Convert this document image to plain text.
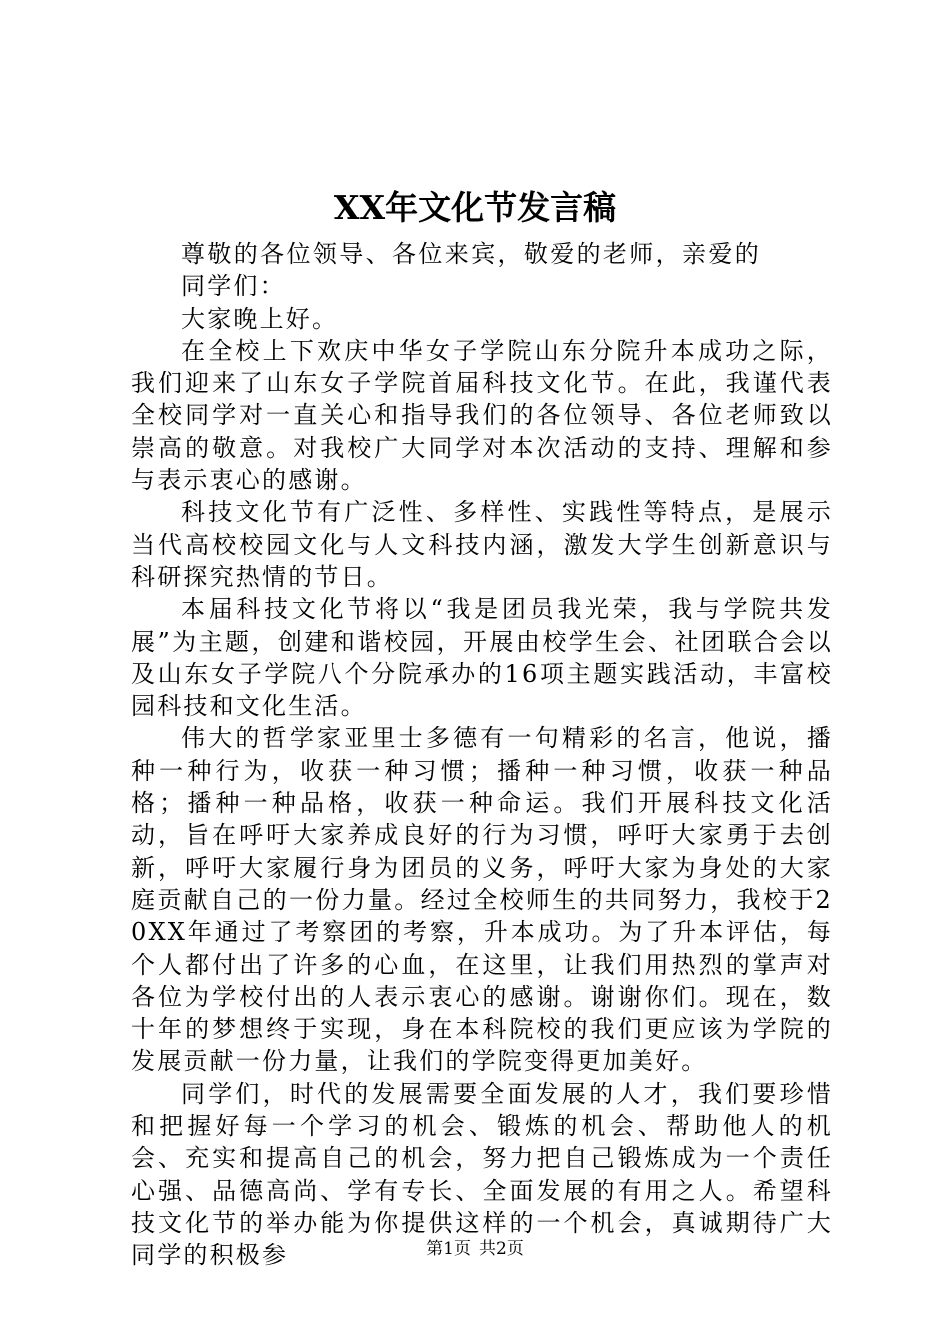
XX年文化节发言稿

尊敬的各位领导、各位来宾，敬爱的老师，亲爱的同学们：

大家晚上好。

在全校上下欢庆中华女子学院山东分院升本成功之际，我们迎来了山东女子学院首届科技文化节。在此，我谨代表全校同学对一直关心和指导我们的各位领导、各位老师致以崇高的敬意。对我校广大同学对本次活动的支持、理解和参与表示衷心的感谢。

科技文化节有广泛性、多样性、实践性等特点，是展示当代高校校园文化与人文科技内涵，激发大学生创新意识与科研探究热情的节日。

本届科技文化节将以“我是团员我光荣，我与学院共发展”为主题，创建和谐校园，开展由校学生会、社团联合会以及山东女子学院八个分院承办的16项主题实践活动，丰富校园科技和文化生活。

伟大的哲学家亚里士多德有一句精彩的名言，他说，播种一种行为，收获一种习惯；播种一种习惯，收获一种品格；播种一种品格，收获一种命运。我们开展科技文化活动，旨在呼吁大家养成良好的行为习惯，呼吁大家勇于去创新，呼吁大家履行身为团员的义务，呼吁大家为身处的大家庭贡献自己的一份力量。经过全校师生的共同努力，我校于20XX年通过了考察团的考察，升本成功。为了升本评估，每个人都付出了许多的心血，在这里，让我们用热烈的掌声对各位为学校付出的人表示衷心的感谢。谢谢你们。现在，数十年的梦想终于实现，身在本科院校的我们更应该为学院的发展贡献一份力量，让我们的学院变得更加美好。

同学们，时代的发展需要全面发展的人才，我们要珍惜和把握好每一个学习的机会、锻炼的机会、帮助他人的机会、充实和提高自己的机会，努力把自己锻炼成为一个责任心强、品德高尚、学有专长、全面发展的有用之人。希望科技文化节的举办能为你提供这样的一个机会，真诚期待广大同学的积极参	第1页 共2页
